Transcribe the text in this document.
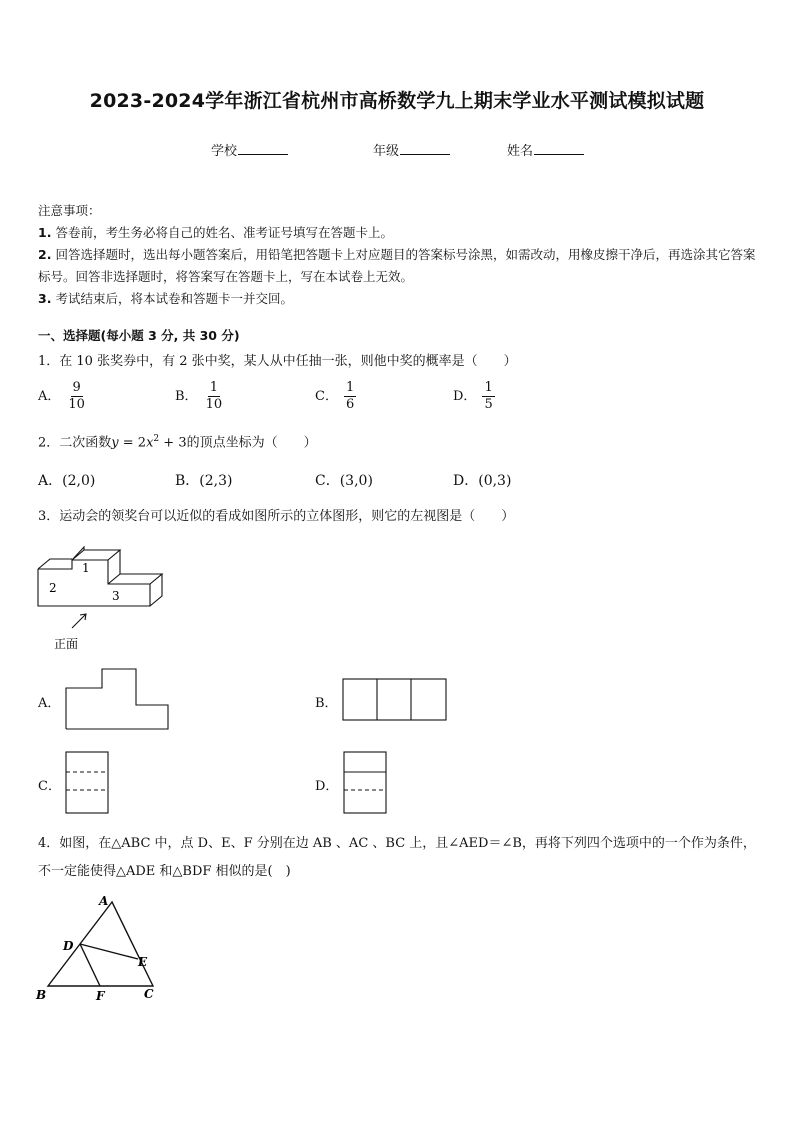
2023-2024学年浙江省杭州市高桥数学九上期末学业水平测试模拟试题
学校	年级	姓名
注意事项：
1. 答卷前，考生务必将自己的姓名、准考证号填写在答题卡上。
2. 回答选择题时，选出每小题答案后，用铅笔把答题卡上对应题目的答案标号涂黑，如需改动，用橡皮擦干净后，再选涂其它答案标号。回答非选择题时，将答案写在答题卡上，写在本试卷上无效。
3. 考试结束后，将本试卷和答题卡一并交回。
一、选择题(每小题 3 分, 共 30 分)
1．在 10 张奖券中，有 2 张中奖，某人从中任抽一张，则他中奖的概率是（　　）
A． $\frac{9}{10}$	B． $\frac{1}{10}$	C． $\frac{1}{6}$	D． $\frac{1}{5}$
2．二次函数$y = 2x^2 + 3$的顶点坐标为（　　）
A．(2,0)	B．(2,3)	C．(3,0)	D．(0,3)
3．运动会的领奖台可以近似的看成如图所示的立体图形，则它的左视图是（　　）
1
2
3
正面
A．	B．
C．	D．
4．如图，在△ABC 中，点 D、E、F 分别在边 AB 、AC 、BC 上，且∠AED＝∠B，再将下列四个选项中的一个作为条件，不一定能使得△ADE 和△BDF 相似的是(　)
A
D
E
B	F	C
